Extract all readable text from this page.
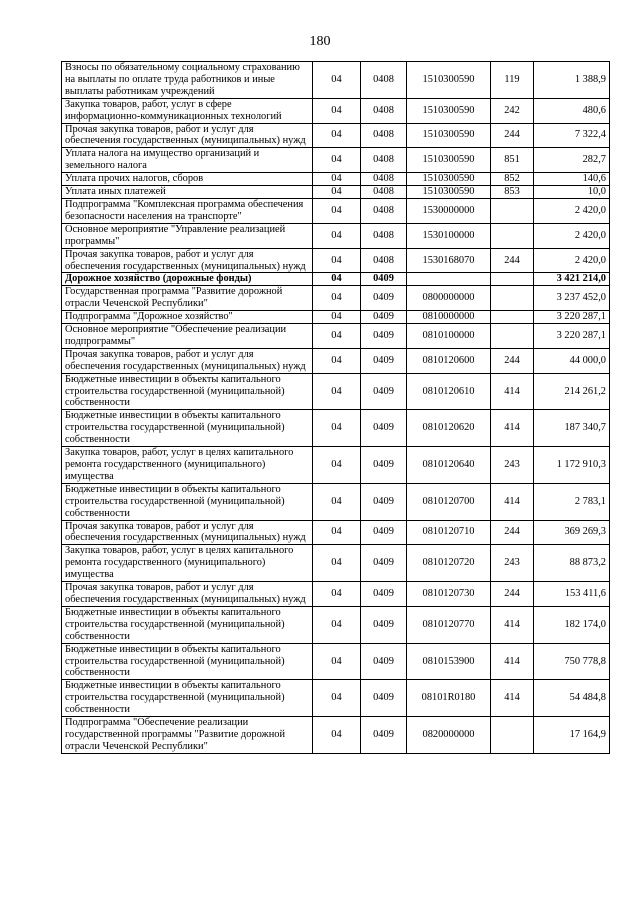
180
Взносы по обязательному социальному страхованию на выплаты по оплате труда работников и иные выплаты работникам учреждений	04	0408	1510300590	119	1 388,9
Закупка товаров, работ, услуг в сфере информационно-коммуникационных технологий	04	0408	1510300590	242	480,6
Прочая закупка товаров, работ и услуг для обеспечения государственных (муниципальных) нужд	04	0408	1510300590	244	7 322,4
Уплата налога на имущество организаций и земельного налога	04	0408	1510300590	851	282,7
Уплата прочих налогов, сборов	04	0408	1510300590	852	140,6
Уплата иных платежей	04	0408	1510300590	853	10,0
Подпрограмма "Комплексная программа обеспечения безопасности населения на транспорте"	04	0408	1530000000		2 420,0
Основное мероприятие "Управление реализацией программы"	04	0408	1530100000		2 420,0
Прочая закупка товаров, работ и услуг для обеспечения государственных (муниципальных) нужд	04	0408	1530168070	244	2 420,0
Дорожное хозяйство (дорожные фонды)	04	0409			3 421 214,0
Государственная программа "Развитие дорожной отрасли Чеченской Республики"	04	0409	0800000000		3 237 452,0
Подпрограмма "Дорожное хозяйство"	04	0409	0810000000		3 220 287,1
Основное мероприятие "Обеспечение реализации подпрограммы"	04	0409	0810100000		3 220 287,1
Прочая закупка товаров, работ и услуг для обеспечения государственных (муниципальных) нужд	04	0409	0810120600	244	44 000,0
Бюджетные инвестиции в объекты капитального строительства государственной (муниципальной) собственности	04	0409	0810120610	414	214 261,2
Бюджетные инвестиции в объекты капитального строительства государственной (муниципальной) собственности	04	0409	0810120620	414	187 340,7
Закупка товаров, работ, услуг в целях капитального ремонта государственного (муниципального) имущества	04	0409	0810120640	243	1 172 910,3
Бюджетные инвестиции в объекты капитального строительства государственной (муниципальной) собственности	04	0409	0810120700	414	2 783,1
Прочая закупка товаров, работ и услуг для обеспечения государственных (муниципальных) нужд	04	0409	0810120710	244	369 269,3
Закупка товаров, работ, услуг в целях капитального ремонта государственного (муниципального) имущества	04	0409	0810120720	243	88 873,2
Прочая закупка товаров, работ и услуг для обеспечения государственных (муниципальных) нужд	04	0409	0810120730	244	153 411,6
Бюджетные инвестиции в объекты капитального строительства государственной (муниципальной) собственности	04	0409	0810120770	414	182 174,0
Бюджетные инвестиции в объекты капитального строительства государственной (муниципальной) собственности	04	0409	0810153900	414	750 778,8
Бюджетные инвестиции в объекты капитального строительства государственной (муниципальной) собственности	04	0409	08101R0180	414	54 484,8
Подпрограмма "Обеспечение реализации государственной программы "Развитие дорожной отрасли Чеченской Республики"	04	0409	0820000000		17 164,9
